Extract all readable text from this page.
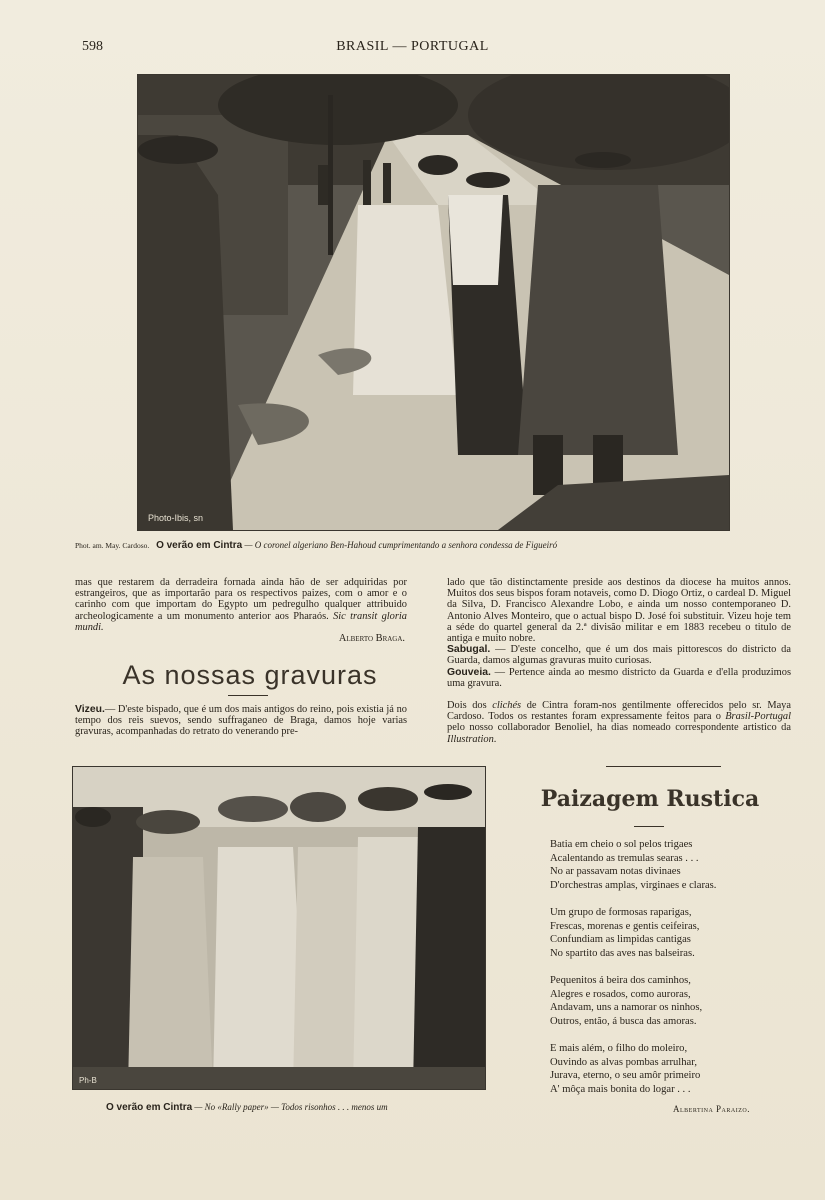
598	BRASIL — PORTUGAL
Photo-Ibis, sn
Phot. am. May. Cardoso. O verão em Cintra — O coronel algeriano Ben-Hahoud cumprimentando a senhora condessa de Figueiró

mas que restarem da derradeira fornada ainda hão de ser adquiridas por estrangeiros, que as importarão para os respectivos paizes, com o amor e o carinho com que importam do Egypto um pedregulho qualquer attribuido archeologicamente a um monumento anterior aos Pharaós. Sic transit gloria mundi.

Alberto Braga.

As nossas gravuras

Vizeu.— D'este bispado, que é um dos mais antigos do reino, pois existia já no tempo dos reis suevos, sendo suffraganeo de Braga, damos hoje varias gravuras, acompanhadas do retrato do venerando pre-

lado que tão distinctamente preside aos destinos da diocese ha muitos annos. Muitos dos seus bispos foram notaveis, como D. Diogo Ortiz, o cardeal D. Miguel da Silva, D. Francisco Alexandre Lobo, e ainda um nosso contemporaneo D. Antonio Alves Monteiro, que o actual bispo D. José foi substituir. Vizeu hoje tem a séde do quartel general da 2.ª divisão militar e em 1883 recebeu o titulo de antiga e muito nobre.

Sabugal. — D'este concelho, que é um dos mais pittorescos do districto da Guarda, damos algumas gravuras muito curiosas.

Gouveia. — Pertence ainda ao mesmo districto da Guarda e d'ella produzimos uma gravura.

Dois dos clichés de Cintra foram-nos gentilmente offerecidos pelo sr. Maya Cardoso. Todos os restantes foram expressamente feitos para o Brasil-Portugal pelo nosso collaborador Benoliel, ha dias nomeado correspondente artistico da Illustration.

Ph-B
O verão em Cintra — No «Rally paper» — Todos risonhos . . . menos um
Paizagem Rustica
Batia em cheio o sol pelos trigaes
Acalentando as tremulas searas . . .
No ar passavam notas divinaes
D'orchestras amplas, virginaes e claras.
Um grupo de formosas raparigas,
Frescas, morenas e gentis ceifeiras,
Confundiam as limpidas cantigas
No spartito das aves nas balseiras.
Pequenitos á beira dos caminhos,
Alegres e rosados, como auroras,
Andavam, uns a namorar os ninhos,
Outros, então, á busca das amoras.
E mais além, o filho do moleiro,
Ouvindo as alvas pombas arrulhar,
Jurava, eterno, o seu amôr primeiro
A' môça mais bonita do logar . . .
Albertina Paraizo.
